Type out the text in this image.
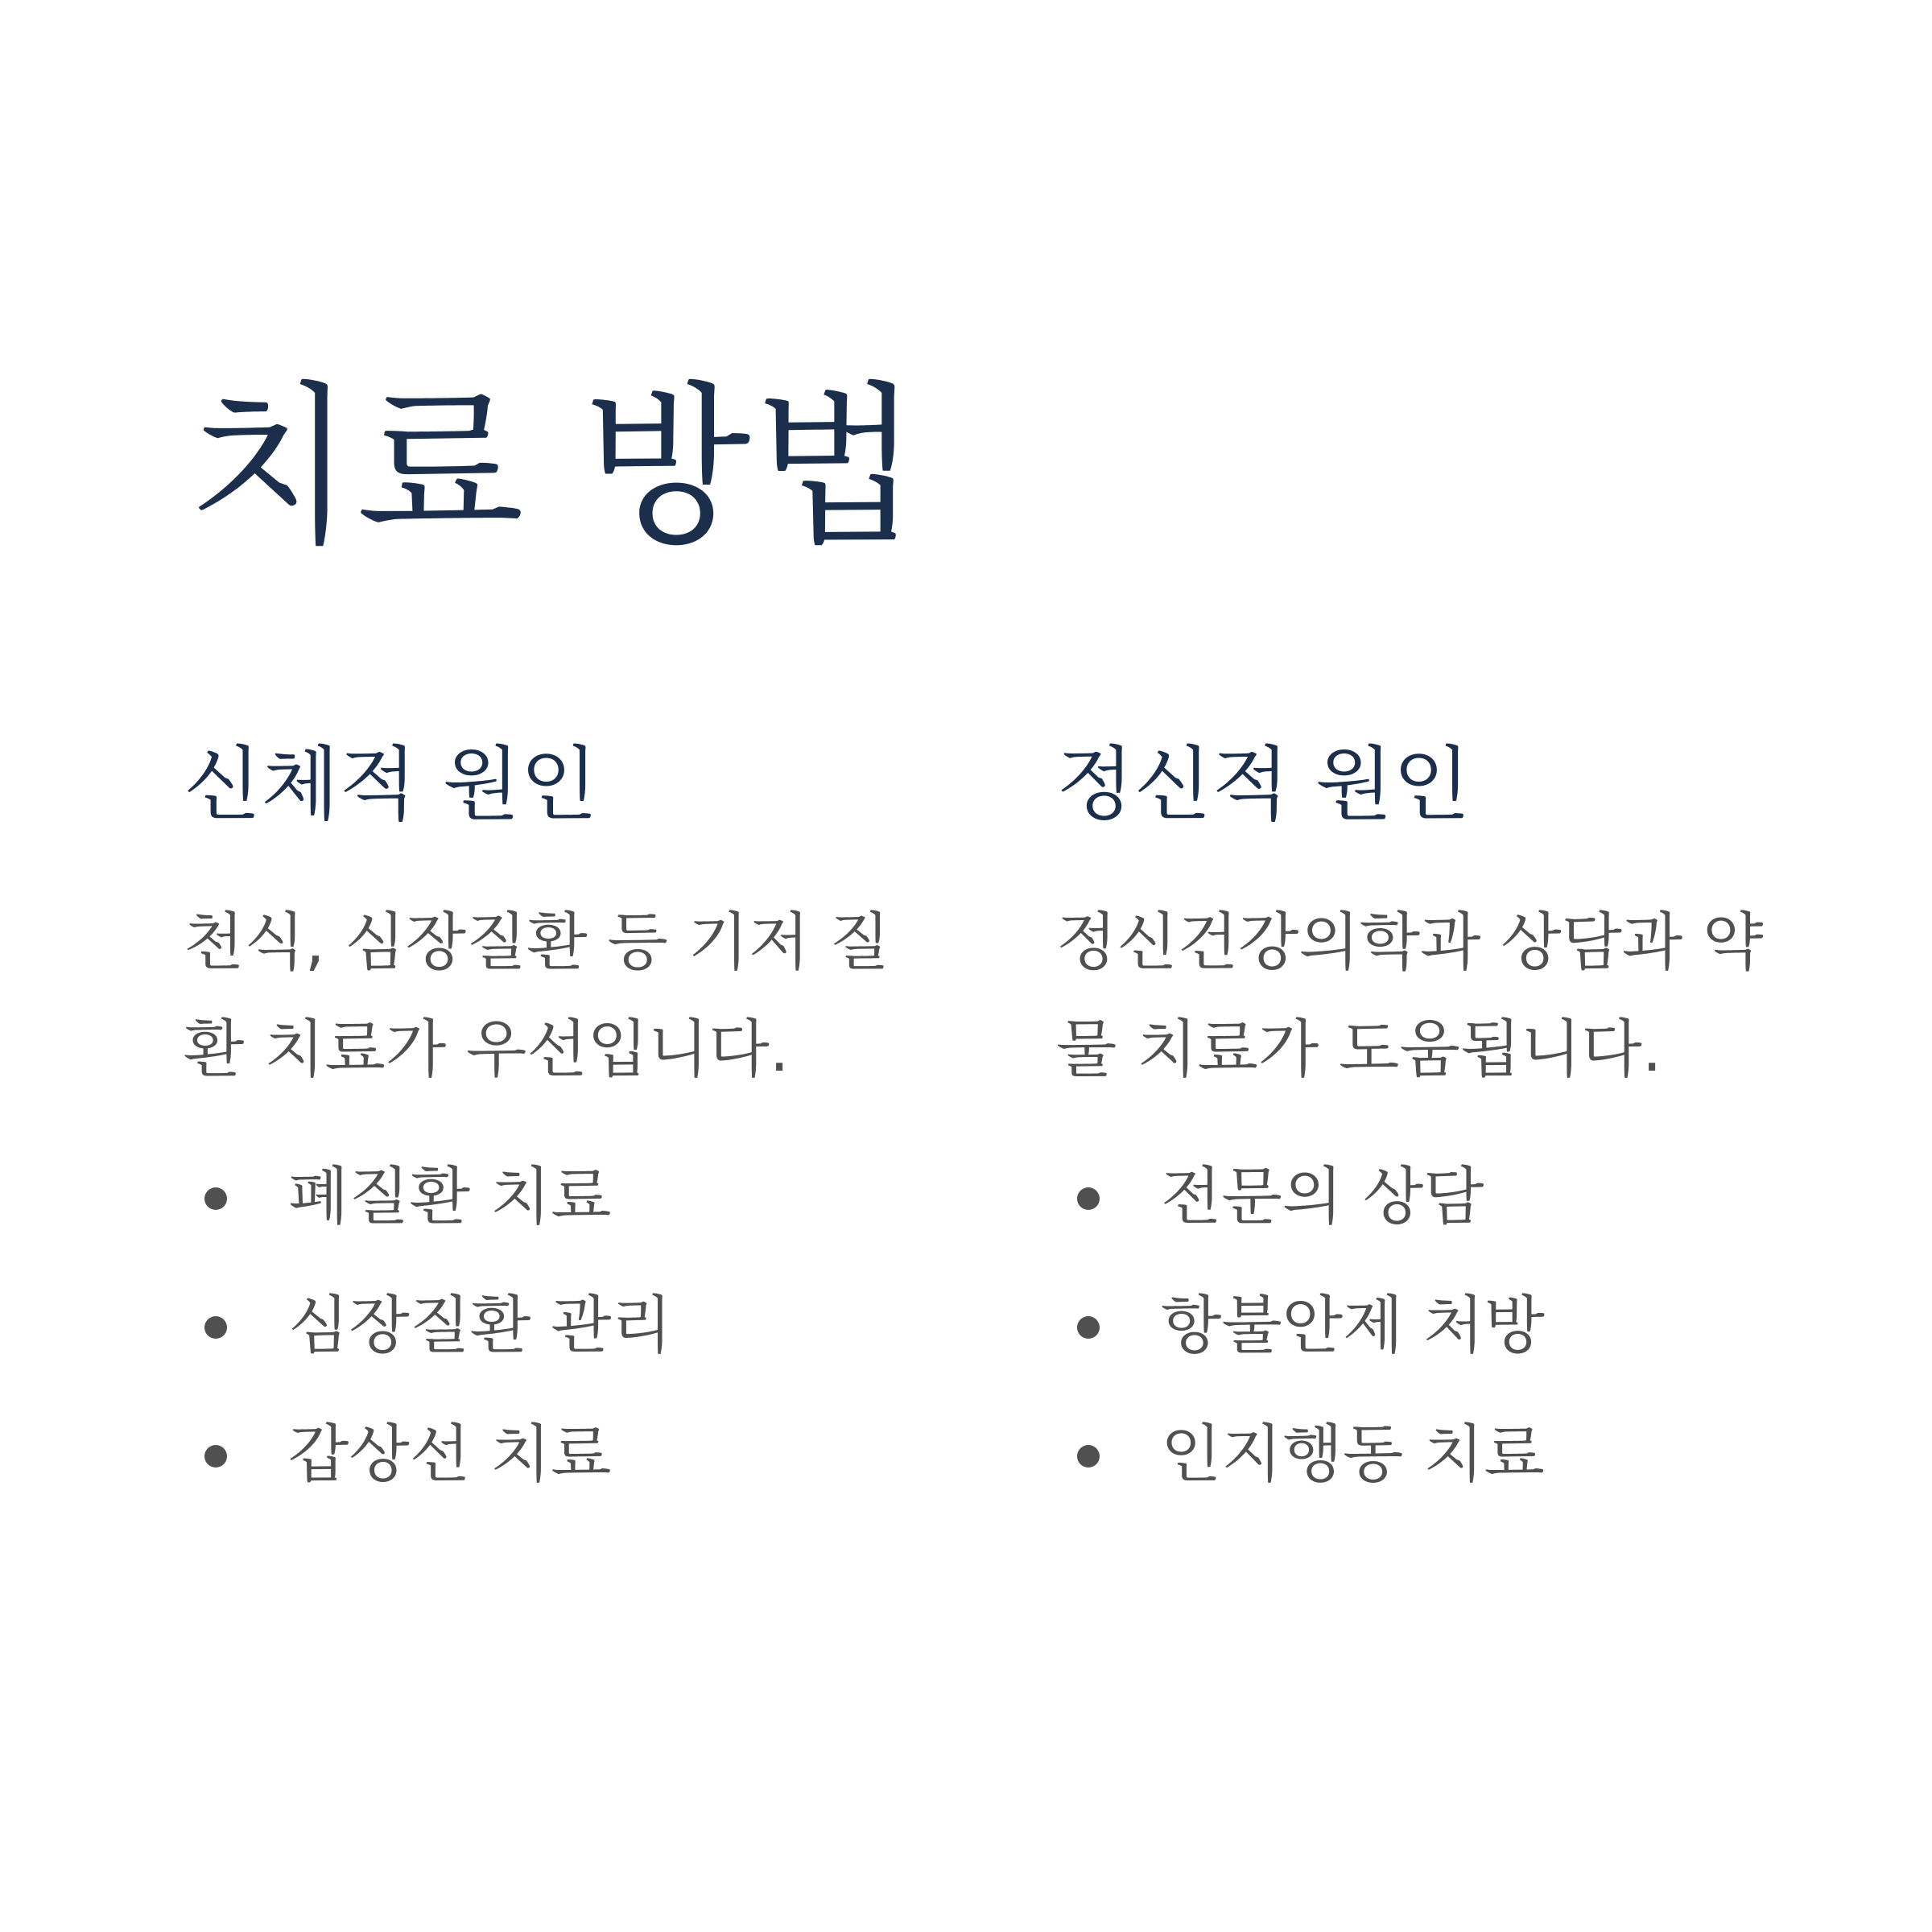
치료 방법
신체적 원인

천식, 심장질환 등 기저 질
환 치료가 우선입니다.

폐질환 치료
심장질환 관리
갑상선 치료
정신적 원인

정신건강의학과 상담과 약
물 치료가 도움됩니다.

전문의 상담
항불안제 처방
인지행동 치료
